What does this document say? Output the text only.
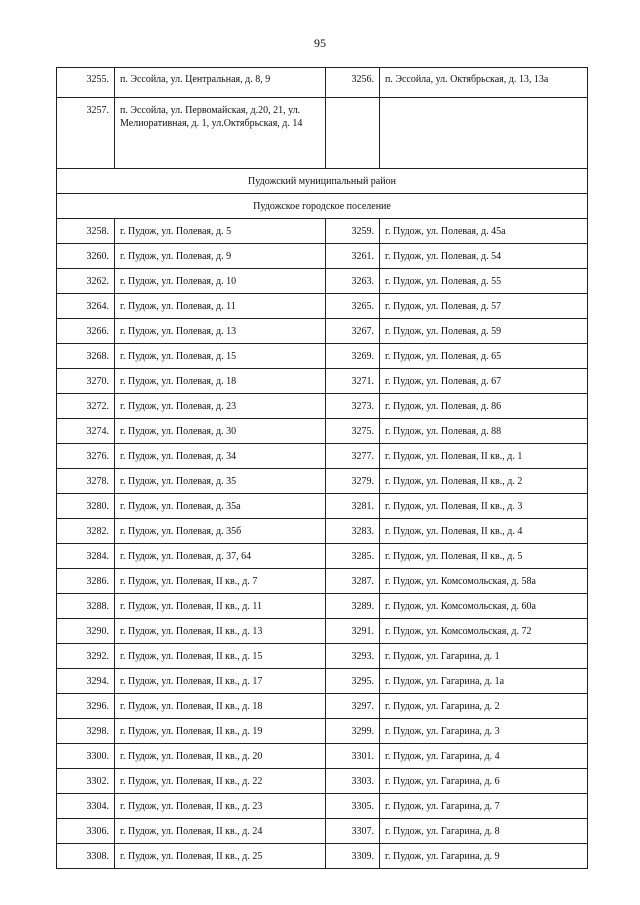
95
3255.	п. Эссойла, ул. Центральная, д. 8, 9	3256.	п. Эссойла, ул. Октябрьская, д. 13, 13а
3257.	п. Эссойла, ул. Первомайская, д.20, 21, ул. Мелиоративная, д. 1, ул.Октябрьская, д. 14		
Пудожский муниципальный район			
Пудожское городское поселение			
3258.	г. Пудож, ул. Полевая, д. 5	3259.	г. Пудож, ул. Полевая, д. 45а
3260.	г. Пудож, ул. Полевая, д. 9	3261.	г. Пудож, ул. Полевая, д. 54
3262.	г. Пудож, ул. Полевая, д. 10	3263.	г. Пудож, ул. Полевая, д. 55
3264.	г. Пудож, ул. Полевая, д. 11	3265.	г. Пудож, ул. Полевая, д. 57
3266.	г. Пудож, ул. Полевая, д. 13	3267.	г. Пудож, ул. Полевая, д. 59
3268.	г. Пудож, ул. Полевая, д. 15	3269.	г. Пудож, ул. Полевая, д. 65
3270.	г. Пудож, ул. Полевая, д. 18	3271.	г. Пудож, ул. Полевая, д. 67
3272.	г. Пудож, ул. Полевая, д. 23	3273.	г. Пудож, ул. Полевая, д. 86
3274.	г. Пудож, ул. Полевая, д. 30	3275.	г. Пудож, ул. Полевая, д. 88
3276.	г. Пудож, ул. Полевая, д. 34	3277.	г. Пудож, ул. Полевая, II кв., д. 1
3278.	г. Пудож, ул. Полевая, д. 35	3279.	г. Пудож, ул. Полевая, II кв., д. 2
3280.	г. Пудож, ул. Полевая, д. 35а	3281.	г. Пудож, ул. Полевая, II кв., д. 3
3282.	г. Пудож, ул. Полевая, д. 35б	3283.	г. Пудож, ул. Полевая, II кв., д. 4
3284.	г. Пудож, ул. Полевая, д. 37, 64	3285.	г. Пудож, ул. Полевая, II кв., д. 5
3286.	г. Пудож, ул. Полевая, II кв., д. 7	3287.	г. Пудож, ул. Комсомольская, д. 58а
3288.	г. Пудож, ул. Полевая, II кв., д. 11	3289.	г. Пудож, ул. Комсомольская, д. 60а
3290.	г. Пудож, ул. Полевая, II кв., д. 13	3291.	г. Пудож, ул. Комсомольская, д. 72
3292.	г. Пудож, ул. Полевая, II кв., д. 15	3293.	г. Пудож, ул. Гагарина, д. 1
3294.	г. Пудож, ул. Полевая, II кв., д. 17	3295.	г. Пудож, ул. Гагарина, д. 1а
3296.	г. Пудож, ул. Полевая, II кв., д. 18	3297.	г. Пудож, ул. Гагарина, д. 2
3298.	г. Пудож, ул. Полевая, II кв., д. 19	3299.	г. Пудож, ул. Гагарина, д. 3
3300.	г. Пудож, ул. Полевая, II кв., д. 20	3301.	г. Пудож, ул. Гагарина, д. 4
3302.	г. Пудож, ул. Полевая, II кв., д. 22	3303.	г. Пудож, ул. Гагарина, д. 6
3304.	г. Пудож, ул. Полевая, II кв., д. 23	3305.	г. Пудож, ул. Гагарина, д. 7
3306.	г. Пудож, ул. Полевая, II кв., д. 24	3307.	г. Пудож, ул. Гагарина, д. 8
3308.	г. Пудож, ул. Полевая, II кв., д. 25	3309.	г. Пудож, ул. Гагарина, д. 9
